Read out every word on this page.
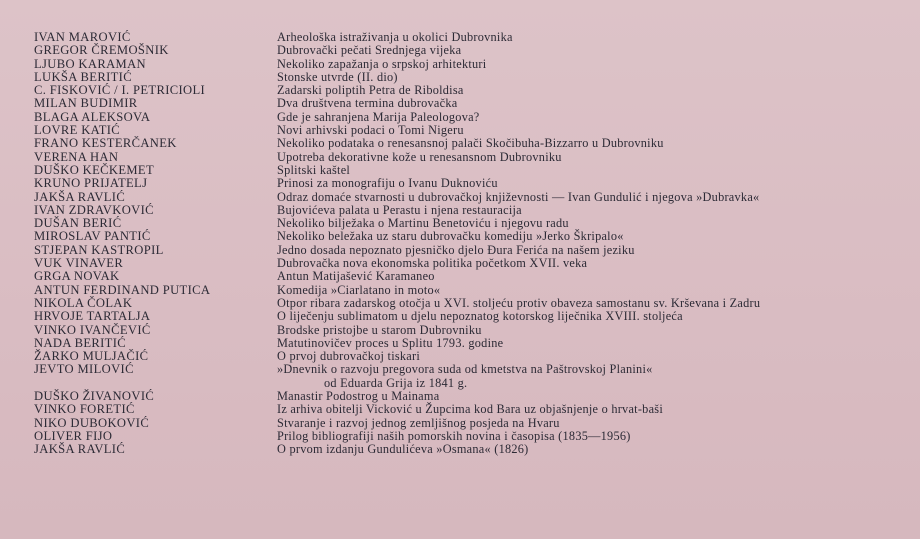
IVAN MAROVIĆ	Arheološka istraživanja u okolici Dubrovnika
GREGOR ČREMOŠNIK	Dubrovački pečati Srednjega vijeka
LJUBO KARAMAN	Nekoliko zapažanja o srpskoj arhitekturi
LUKŠA BERITIĆ	Stonske utvrde (II. dio)
C. FISKOVIĆ / I. PETRICIOLI	Zadarski poliptih Petra de Riboldisa
MILAN BUDIMIR	Dva društvena termina dubrovačka
BLAGA ALEKSOVA	Gde je sahranjena Marija Paleologova?
LOVRE KATIĆ	Novi arhivski podaci o Tomi Nigeru
FRANO KESTERČANEK	Nekoliko podataka o renesansnoj palači Skočibuha-Bizzarro u Dubrovniku
VERENA HAN	Upotreba dekorativne kože u renesansnom Dubrovniku
DUŠKO KEČKEMET	Splitski kaštel
KRUNO PRIJATELJ	Prinosi za monografiju o Ivanu Duknoviću
JAKŠA RAVLIĆ	Odraz domaće stvarnosti u dubrovačkoj književnosti — Ivan Gundulić i njegova »Dubravka«
IVAN ZDRAVKOVIĆ	Bujovićeva palata u Perastu i njena restauracija
DUŠAN BERIĆ	Nekoliko bilježaka o Martinu Benetoviću i njegovu radu
MIROSLAV PANTIĆ	Nekoliko beležaka uz staru dubrovačku komediju »Jerko Škripalo«
STJEPAN KASTROPIL	Jedno dosada nepoznato pjesničko djelo Đura Ferića na našem jeziku
VUK VINAVER	Dubrovačka nova ekonomska politika početkom XVII. veka
GRGA NOVAK	Antun Matijašević Karamaneo
ANTUN FERDINAND PUTICA	Komedija »Ciarlatano in moto«
NIKOLA ČOLAK	Otpor ribara zadarskog otočja u XVI. stoljeću protiv obaveza samostanu sv. Krševana i Zadru
HRVOJE TARTALJA	O liječenju sublimatom u djelu nepoznatog kotorskog liječnika XVIII. stoljeća
VINKO IVANČEVIĆ	Brodske pristojbe u starom Dubrovniku
NADA BERITIĆ	Matutinovičev proces u Splitu 1793. godine
ŽARKO MULJAČIĆ	O prvoj dubrovačkoj tiskari
JEVTO MILOVIĆ	»Dnevnik o razvoju pregovora suda od kmetstva na Paštrovskoj Planini«
od Eduarda Grija iz 1841 g.
DUŠKO ŽIVANOVIĆ	Manastir Podostrog u Mainama
VINKO FORETIĆ	Iz arhiva obitelji Vicković u Župcima kod Bara uz objašnjenje o hrvat-baši
NIKO DUBOKOVIĆ	Stvaranje i razvoj jednog zemljišnog posjeda na Hvaru
OLIVER FIJO	Prilog bibliografiji naših pomorskih novina i časopisa (1835—1956)
JAKŠA RAVLIĆ	O prvom izdanju Gundulićeva »Osmana« (1826)
